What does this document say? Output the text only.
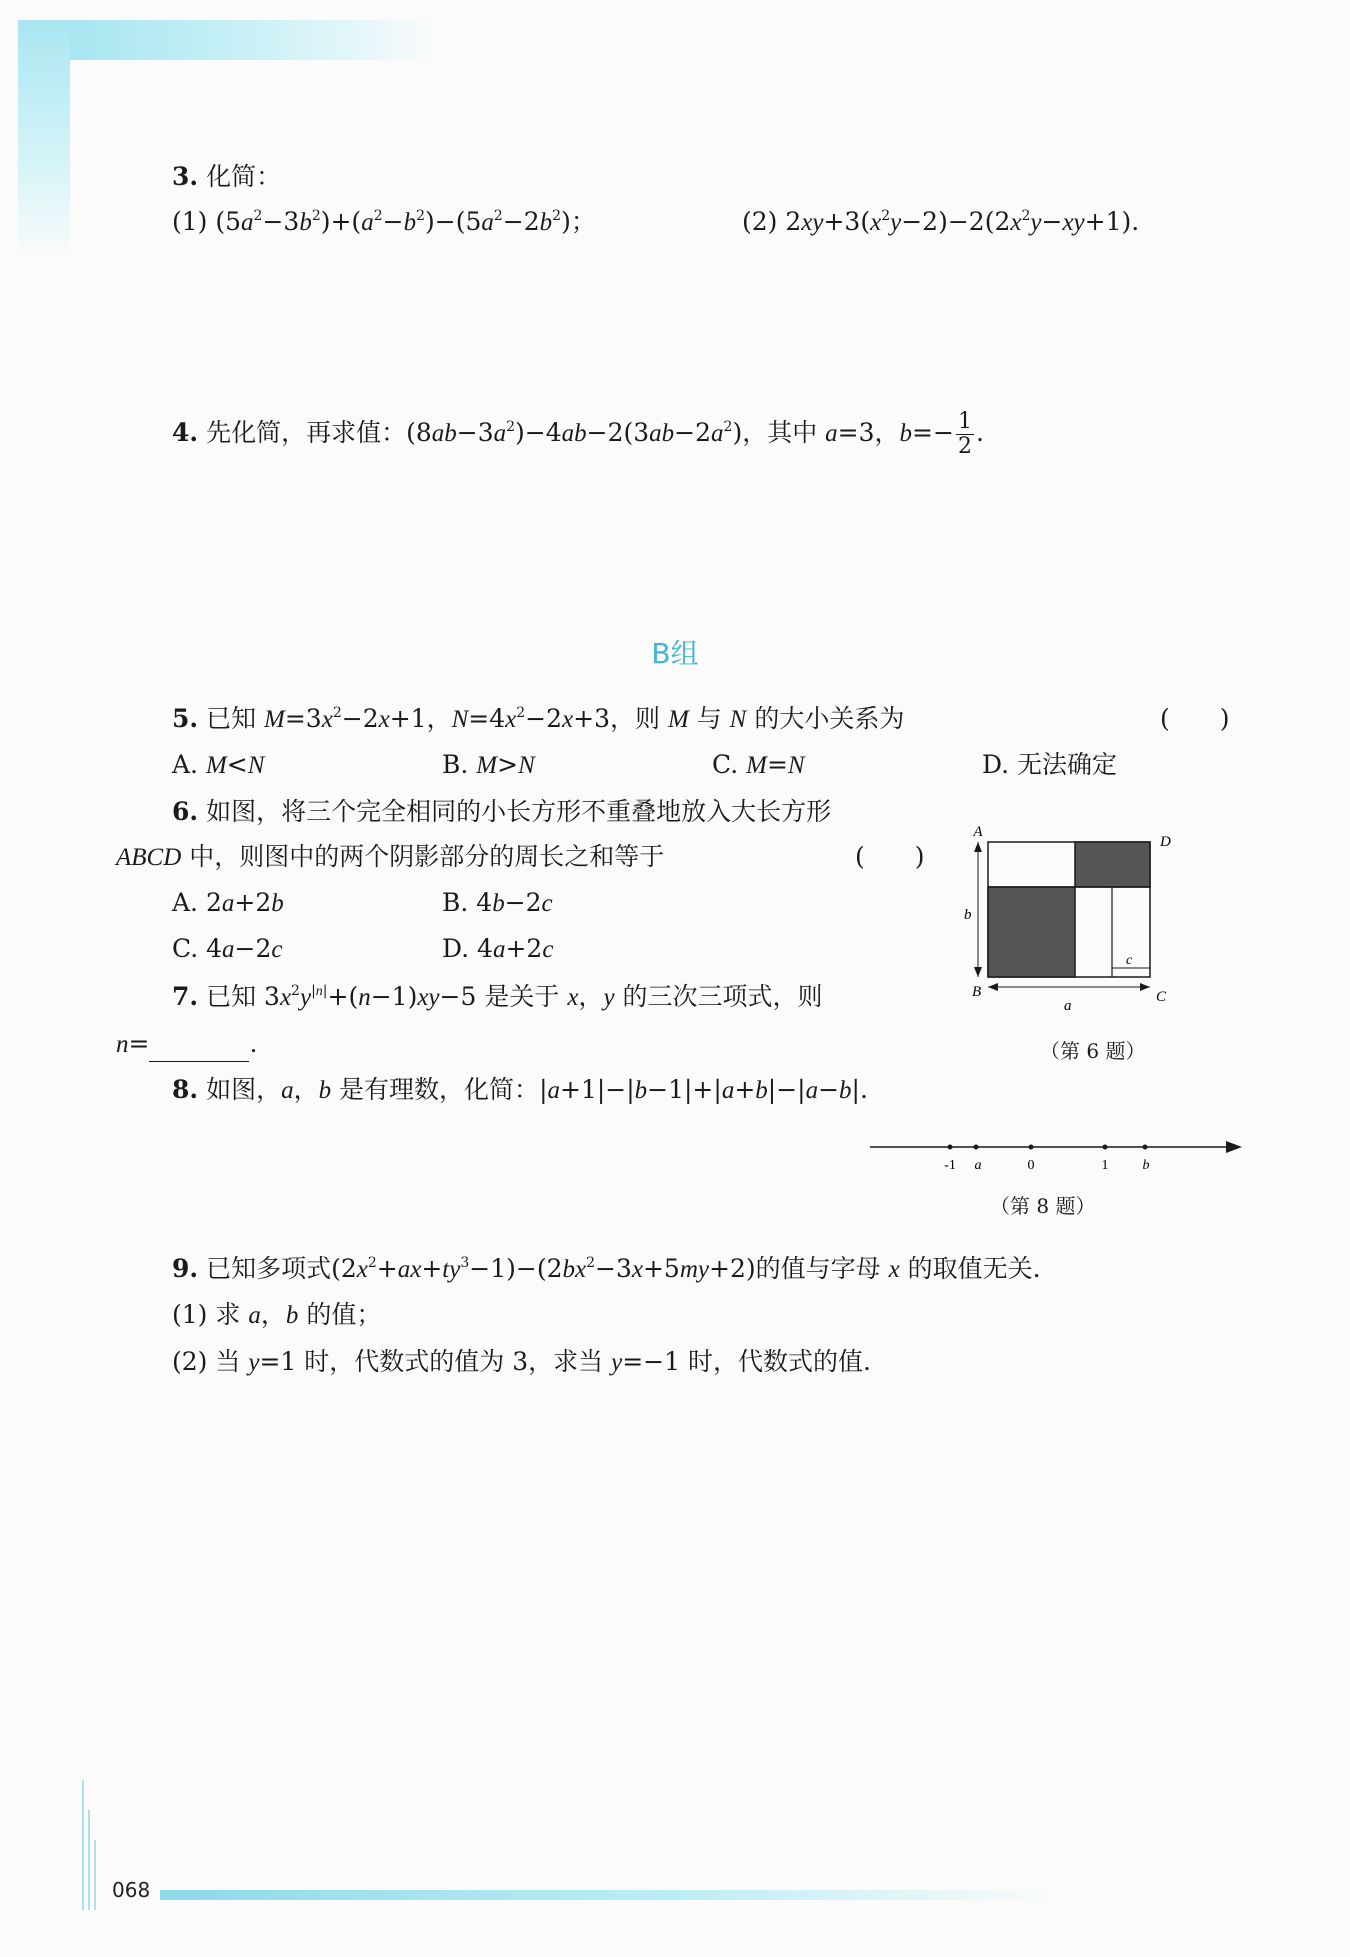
3. 化简：
(1) $(5a^2-3b^2)+(a^2-b^2)-(5a^2-2b^2)$；	(2) $2xy+3(x^2y-2)-2(2x^2y-xy+1)$.
4. 先化简，再求值：$(8ab-3a^2)-4ab-2(3ab-2a^2)$，其中 a=3，$b=- \frac{1}{2}$ .
B组
5. 已知 $M=3x^2-2x+1$，$N=4x^2-2x+3$，则 M 与 N 的大小关系为	(　　)
A. M<N	B. M>N	C. M=N	D. 无法确定
6. 如图，将三个完全相同的小长方形不重叠地放入大长方形
ABCD 中，则图中的两个阴影部分的周长之和等于	(　　)
A. 2a+2b	B. 4b−2c
C. 4a−2c	D. 4a+2c
A
D
B	C
b
a
c
（第 6 题）
7. 已知 $3x^2y^{|n|}+(n-1)xy-5$ 是关于 x，y 的三次三项式，则
n=	.
8. 如图，a，b 是有理数，化简：|a+1|−|b−1|+|a+b|−|a−b|.
-1 a	0	1 b
（第 8 题）
9. 已知多项式$(2x^2+ax+ty^3-1)-(2bx^2-3x+5my+2)$的值与字母 x 的取值无关.
(1) 求 a，b 的值；
(2) 当 y=1 时，代数式的值为 3，求当 y=−1 时，代数式的值.
068
